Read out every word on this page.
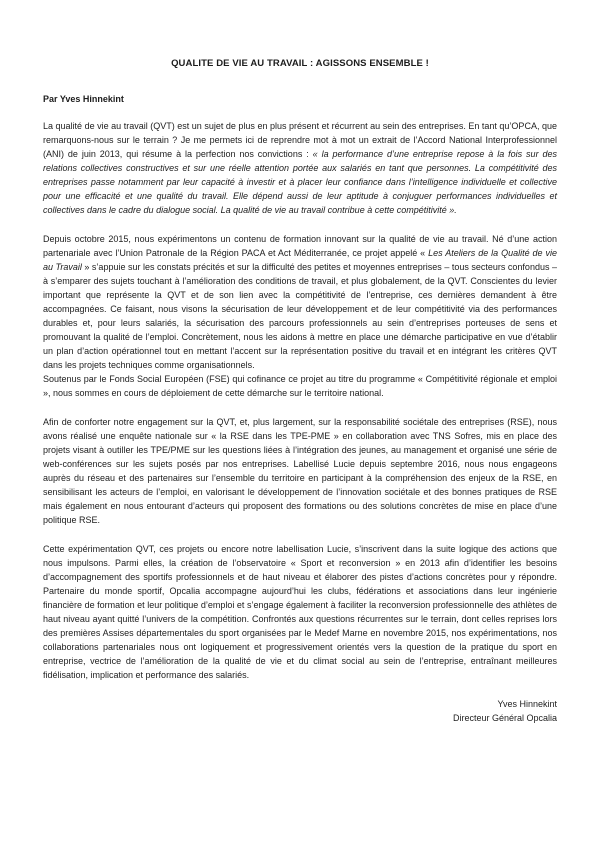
QUALITE DE VIE AU TRAVAIL : AGISSONS ENSEMBLE !

Par Yves Hinnekint

La qualité de vie au travail (QVT) est un sujet de plus en plus présent et récurrent au sein des entreprises. En tant qu’OPCA, que remarquons-nous sur le terrain ? Je me permets ici de reprendre mot à mot un extrait de l’Accord National Interprofessionnel (ANI) de juin 2013, qui résume à la perfection nos convictions : « la performance d’une entreprise repose à la fois sur des relations collectives constructives et sur une réelle attention portée aux salariés en tant que personnes. La compétitivité des entreprises passe notamment par leur capacité à investir et à placer leur confiance dans l’intelligence individuelle et collective pour une efficacité et une qualité du travail. Elle dépend aussi de leur aptitude à conjuguer performances individuelles et collectives dans le cadre du dialogue social. La qualité de vie au travail contribue à cette compétitivité ».

Depuis octobre 2015, nous expérimentons un contenu de formation innovant sur la qualité de vie au travail. Né d’une action partenariale avec l’Union Patronale de la Région PACA et Act Méditerranée, ce projet appelé « Les Ateliers de la Qualité de vie au Travail » s’appuie sur les constats précités et sur la difficulté des petites et moyennes entreprises – tous secteurs confondus – à s’emparer des sujets touchant à l’amélioration des conditions de travail, et plus globalement, de la QVT. Conscientes du levier important que représente la QVT et de son lien avec la compétitivité de l’entreprise, ces dernières demandent à être accompagnées. Ce faisant, nous visons la sécurisation de leur développement et de leur compétitivité via des performances durables et, pour leurs salariés, la sécurisation des parcours professionnels au sein d’entreprises porteuses de sens et promouvant la qualité de l’emploi. Concrètement, nous les aidons à mettre en place une démarche participative en vue d’établir un plan d’action opérationnel tout en mettant l’accent sur la représentation positive du travail et en intégrant les critères QVT dans les projets techniques comme organisationnels.

Soutenus par le Fonds Social Européen (FSE) qui cofinance ce projet au titre du programme « Compétitivité régionale et emploi », nous sommes en cours de déploiement de cette démarche sur le territoire national.

Afin de conforter notre engagement sur la QVT, et, plus largement, sur la responsabilité sociétale des entreprises (RSE), nous avons réalisé une enquête nationale sur « la RSE dans les TPE-PME » en collaboration avec TNS Sofres, mis en place des projets visant à outiller les TPE/PME sur les questions liées à l’intégration des jeunes, au management et organisé une série de web-conférences sur les sujets posés par nos entreprises. Labellisé Lucie depuis septembre 2016, nous nous engageons auprès du réseau et des partenaires sur l’ensemble du territoire en participant à la compréhension des enjeux de la RSE, en sensibilisant les acteurs de l’emploi, en valorisant le développement de l’innovation sociétale et des bonnes pratiques de RSE mais également en nous entourant d’acteurs qui proposent des formations ou des solutions concrètes de mise en place d’une politique RSE.

Cette expérimentation QVT, ces projets ou encore notre labellisation Lucie, s’inscrivent dans la suite logique des actions que nous impulsons. Parmi elles, la création de l’observatoire « Sport et reconversion » en 2013 afin d’identifier les besoins d’accompagnement des sportifs professionnels et de haut niveau et élaborer des pistes d’actions concrètes pour y répondre. Partenaire du monde sportif, Opcalia accompagne aujourd’hui les clubs, fédérations et associations dans leur ingénierie financière de formation et leur politique d’emploi et s’engage également à faciliter la reconversion professionnelle des athlètes de haut niveau ayant quitté l’univers de la compétition. Confrontés aux questions récurrentes sur le terrain, dont celles reprises lors des premières Assises départementales du sport organisées par le Medef Marne en novembre 2015, nos expérimentations, nos collaborations partenariales nous ont logiquement et progressivement orientés vers la question de la pratique du sport en entreprise, vectrice de l’amélioration de la qualité de vie et du climat social au sein de l’entreprise, entraînant meilleures fidélisation, implication et performance des salariés.

Yves Hinnekint
Directeur Général Opcalia
